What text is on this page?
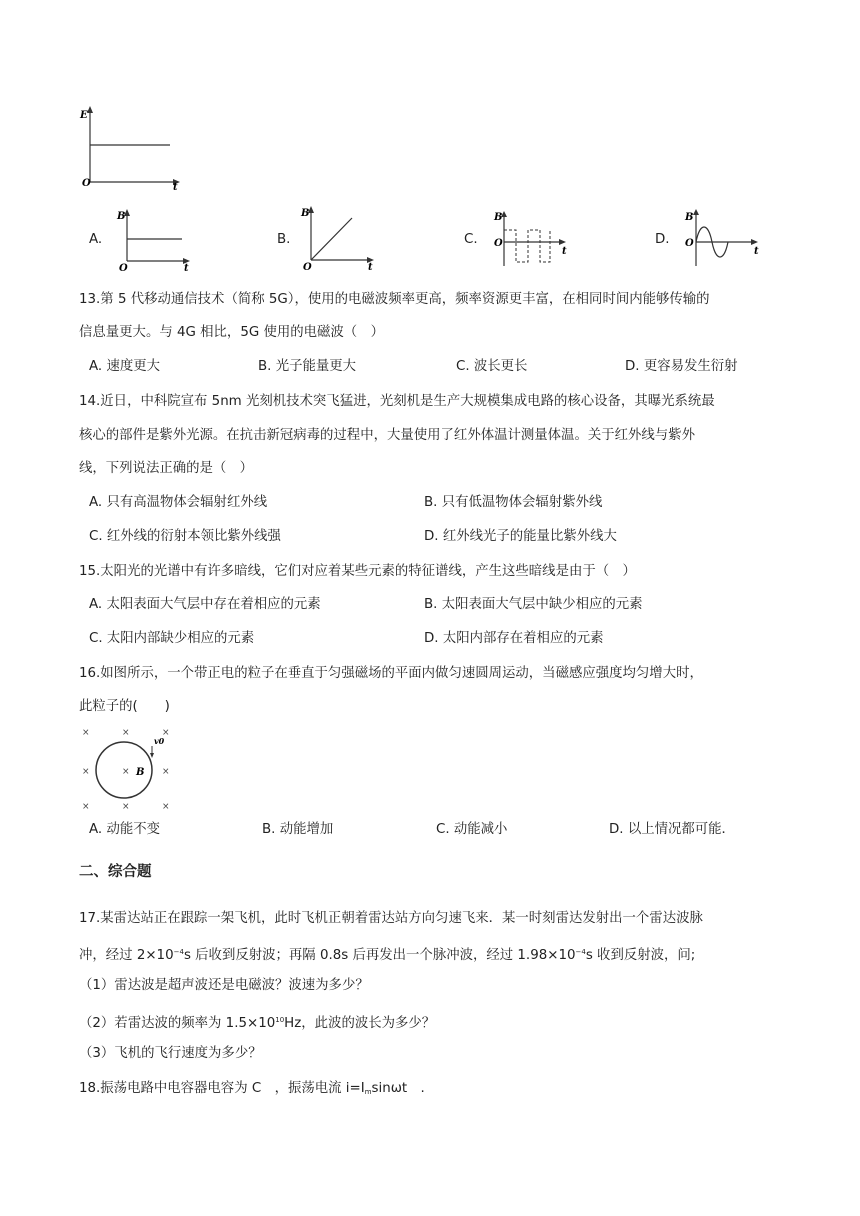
E
O	t
A.
B
O	t
B.
B
O	t
C.
B
O
t
D.
B
O
t
13.第 5 代移动通信技术（简称 5G），使用的电磁波频率更高，频率资源更丰富，在相同时间内能够传输的
信息量更大。与 4G 相比，5G 使用的电磁波（　）
A. 速度更大	B. 光子能量更大	C. 波长更长	D. 更容易发生衍射
14.近日，中科院宣布 5nm 光刻机技术突飞猛进，光刻机是生产大规模集成电路的核心设备，其曝光系统最
核心的部件是紫外光源。在抗击新冠病毒的过程中，大量使用了红外体温计测量体温。关于红外线与紫外
线，下列说法正确的是（　）
A. 只有高温物体会辐射红外线	B. 只有低温物体会辐射紫外线
C. 红外线的衍射本领比紫外线强	D. 红外线光子的能量比紫外线大
15.太阳光的光谱中有许多暗线，它们对应着某些元素的特征谱线，产生这些暗线是由于（　）
A. 太阳表面大气层中存在着相应的元素	B. 太阳表面大气层中缺少相应的元素
C. 太阳内部缺少相应的元素	D. 太阳内部存在着相应的元素
16.如图所示，一个带正电的粒子在垂直于匀强磁场的平面内做匀速圆周运动，当磁感应强度均匀增大时，
此粒子的(　　)
×	×	×
×	×	×
×	×	×
v0
B
A. 动能不变	B. 动能增加	C. 动能减小	D. 以上情况都可能．
二、综合题
17.某雷达站正在跟踪一架飞机，此时飞机正朝着雷达站方向匀速飞来．某一时刻雷达发射出一个雷达波脉
冲，经过 $2\times 10^{-4}s$ 后收到反射波；再隔 0.8s 后再发出一个脉冲波，经过 $1.98\times 10^{-4}s$ 收到反射波，问;
（1）雷达波是超声波还是电磁波？波速为多少？
（2）若雷达波的频率为 $1.5\times 10^{10}Hz$，此波的波长为多少？
（3）飞机的飞行速度为多少？
18.振荡电路中电容器电容为 C　，振荡电流 i=Imsinωt　.
